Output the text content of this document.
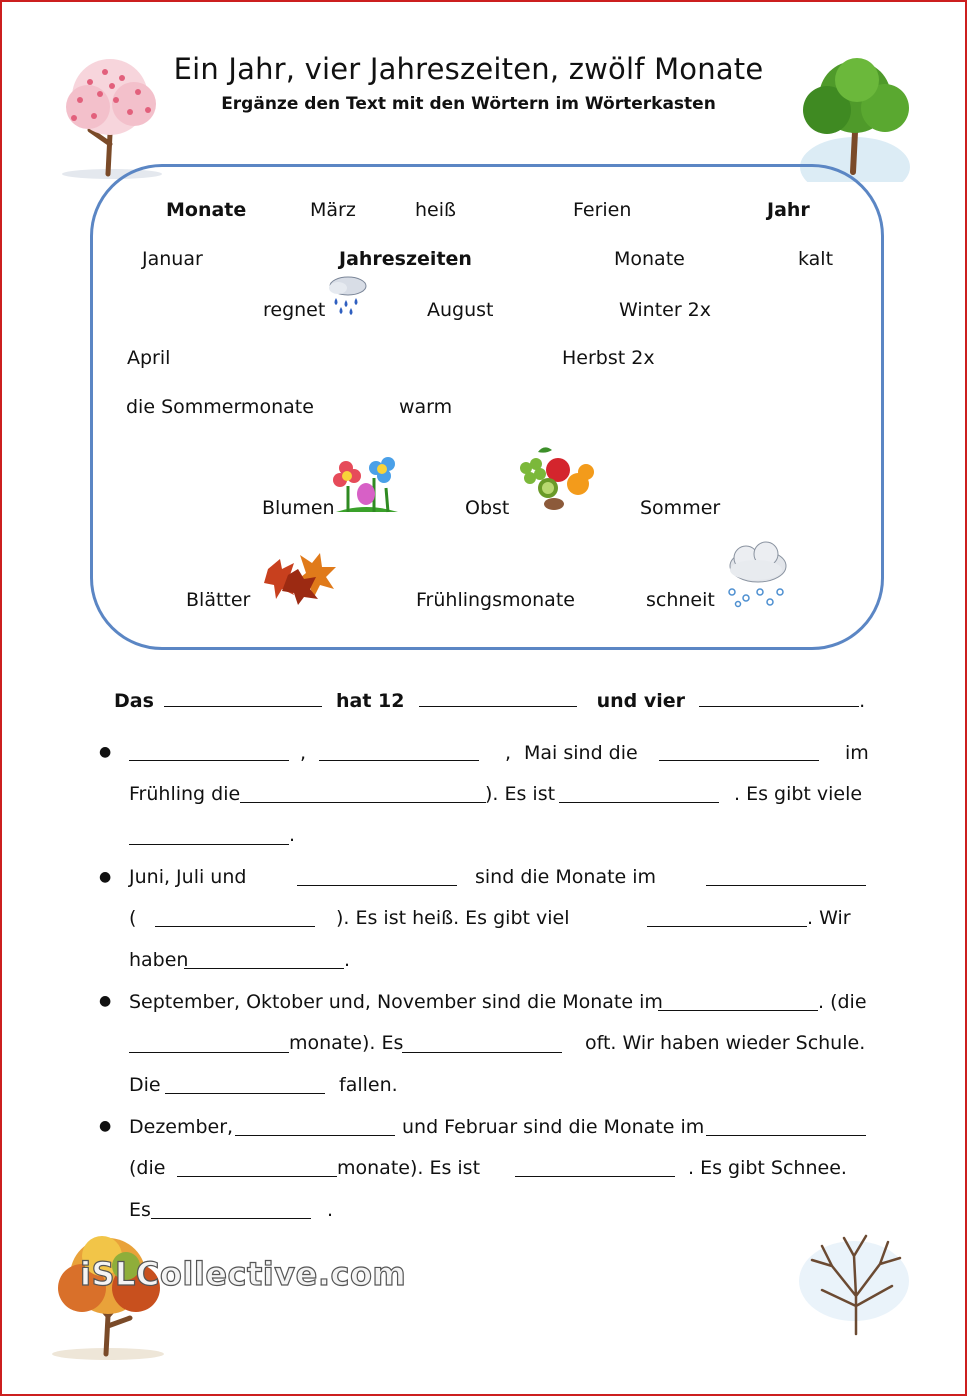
Ein Jahr, vier Jahreszeiten, zwölf Monate
Ergänze den Text mit den Wörtern im Wörterkasten
Monate	März	heiß	Ferien	Jahr
Januar	Jahreszeiten	Monate	kalt
regnet	August	Winter 2x
April	Herbst 2x
die Sommermonate	warm
Blumen	Obst	Sommer
Blätter	Frühlingsmonate	schneit
Das	hat 12	und vier	.
●	,	, Mai sind die	im
Frühling die	). Es ist	. Es gibt viele
.
● Juni, Juli und	sind die Monate im
(	). Es ist heiß. Es gibt viel	. Wir
haben	.
● September, Oktober und, November sind die Monate im	. (die
monate). Es	oft. Wir haben wieder Schule.
Die	fallen.
● Dezember,	und Februar sind die Monate im
(die	monate). Es ist	. Es gibt Schnee.
Es	.
iSLCollective.com
